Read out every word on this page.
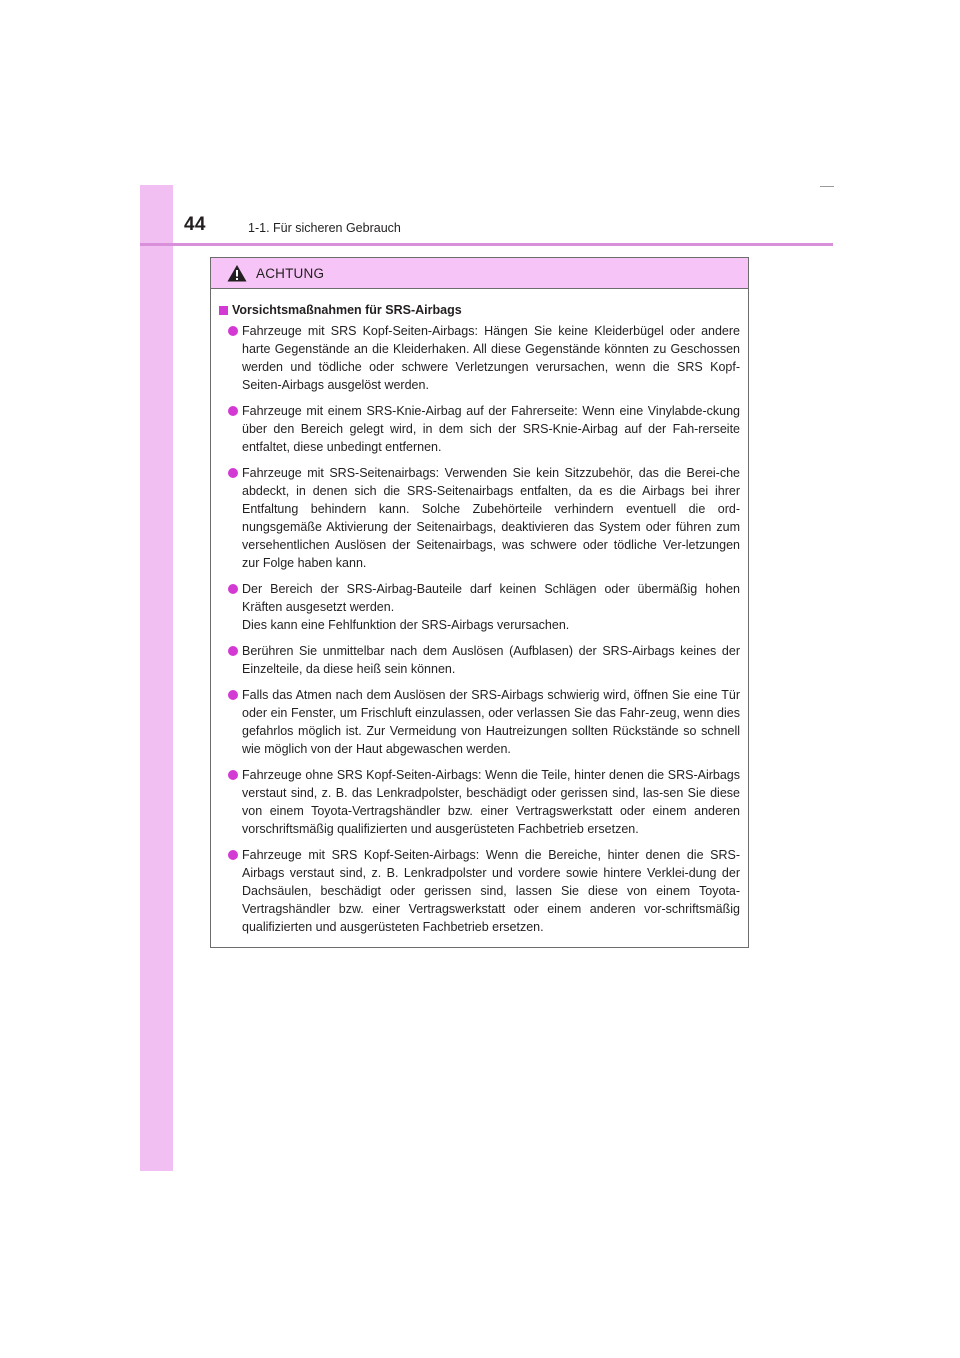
44	1-1. Für sicheren Gebrauch
ACHTUNG
Vorsichtsmaßnahmen für SRS-Airbags

Fahrzeuge mit SRS Kopf-Seiten-Airbags: Hängen Sie keine Kleiderbügel oder andere harte Gegenstände an die Kleiderhaken. All diese Gegenstände könnten zu Geschossen werden und tödliche oder schwere Verletzungen verursachen, wenn die SRS Kopf-Seiten-Airbags ausgelöst werden.

Fahrzeuge mit einem SRS-Knie-Airbag auf der Fahrerseite: Wenn eine Vinylabde-ckung über den Bereich gelegt wird, in dem sich der SRS-Knie-Airbag auf der Fah-rerseite entfaltet, diese unbedingt entfernen.

Fahrzeuge mit SRS-Seitenairbags: Verwenden Sie kein Sitzzubehör, das die Berei-che abdeckt, in denen sich die SRS-Seitenairbags entfalten, da es die Airbags bei ihrer Entfaltung behindern kann. Solche Zubehörteile verhindern eventuell die ord-nungsgemäße Aktivierung der Seitenairbags, deaktivieren das System oder führen zum versehentlichen Auslösen der Seitenairbags, was schwere oder tödliche Ver-letzungen zur Folge haben kann.

Der Bereich der SRS-Airbag-Bauteile darf keinen Schlägen oder übermäßig hohen Kräften ausgesetzt werden.

Dies kann eine Fehlfunktion der SRS-Airbags verursachen.

Berühren Sie unmittelbar nach dem Auslösen (Aufblasen) der SRS-Airbags keines der Einzelteile, da diese heiß sein können.

Falls das Atmen nach dem Auslösen der SRS-Airbags schwierig wird, öffnen Sie eine Tür oder ein Fenster, um Frischluft einzulassen, oder verlassen Sie das Fahr-zeug, wenn dies gefahrlos möglich ist. Zur Vermeidung von Hautreizungen sollten Rückstände so schnell wie möglich von der Haut abgewaschen werden.

Fahrzeuge ohne SRS Kopf-Seiten-Airbags: Wenn die Teile, hinter denen die SRS-Airbags verstaut sind, z. B. das Lenkradpolster, beschädigt oder gerissen sind, las-sen Sie diese von einem Toyota-Vertragshändler bzw. einer Vertragswerkstatt oder einem anderen vorschriftsmäßig qualifizierten und ausgerüsteten Fachbetrieb ersetzen.

Fahrzeuge mit SRS Kopf-Seiten-Airbags: Wenn die Bereiche, hinter denen die SRS-Airbags verstaut sind, z. B. Lenkradpolster und vordere sowie hintere Verklei-dung der Dachsäulen, beschädigt oder gerissen sind, lassen Sie diese von einem Toyota-Vertragshändler bzw. einer Vertragswerkstatt oder einem anderen vor-schriftsmäßig qualifizierten und ausgerüsteten Fachbetrieb ersetzen.
